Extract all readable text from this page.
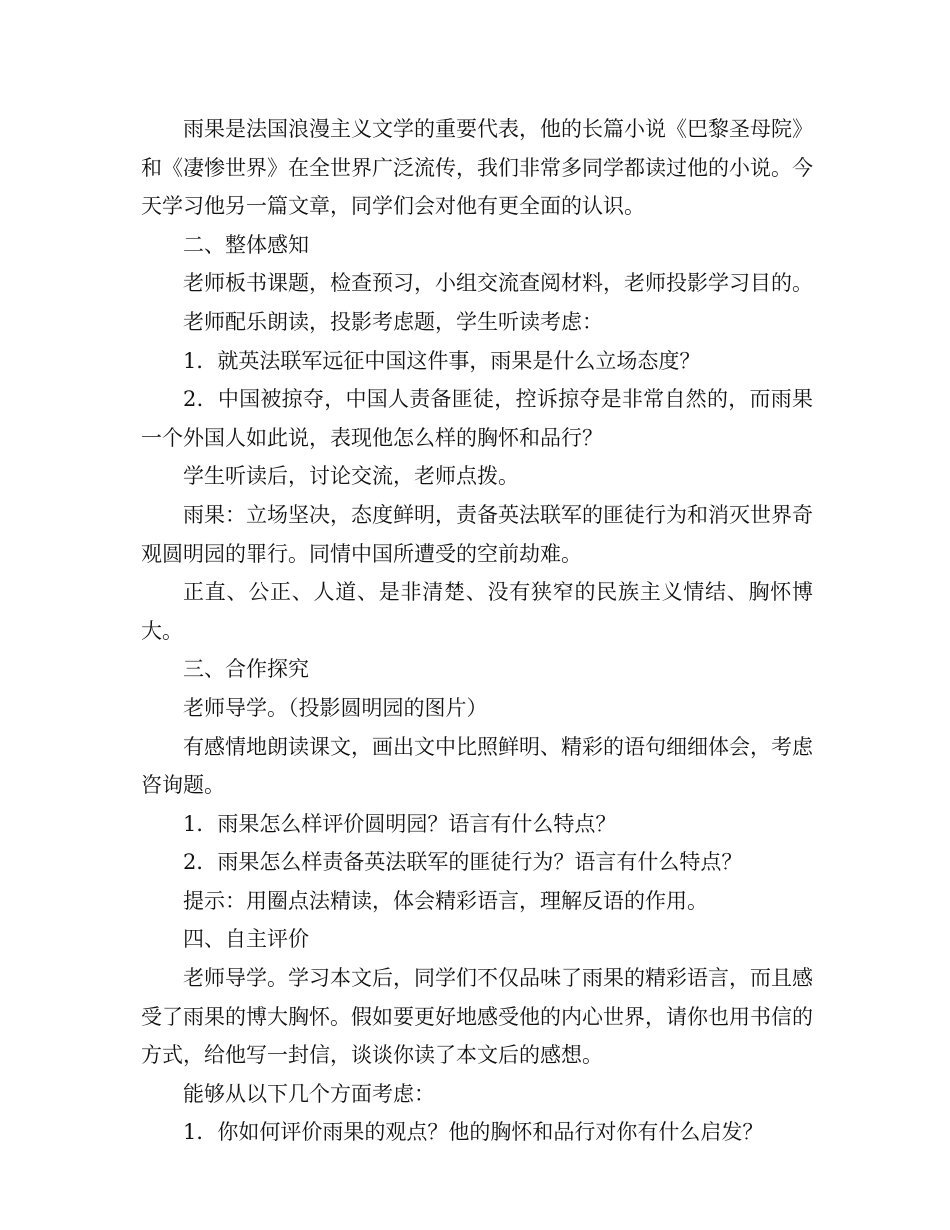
雨果是法国浪漫主义文学的重要代表，他的长篇小说《巴黎圣母院》和《凄惨世界》在全世界广泛流传，我们非常多同学都读过他的小说。今天学习他另一篇文章，同学们会对他有更全面的认识。

二、整体感知

老师板书课题，检查预习，小组交流查阅材料，老师投影学习目的。

老师配乐朗读，投影考虑题，学生听读考虑：

1．就英法联军远征中国这件事，雨果是什么立场态度？

2．中国被掠夺，中国人责备匪徒，控诉掠夺是非常自然的，而雨果一个外国人如此说，表现他怎么样的胸怀和品行？

学生听读后，讨论交流，老师点拨。

雨果：立场坚决，态度鲜明，责备英法联军的匪徒行为和消灭世界奇观圆明园的罪行。同情中国所遭受的空前劫难。

正直、公正、人道、是非清楚、没有狭窄的民族主义情结、胸怀博大。

三、合作探究

老师导学。（投影圆明园的图片）

有感情地朗读课文，画出文中比照鲜明、精彩的语句细细体会，考虑咨询题。

1．雨果怎么样评价圆明园？语言有什么特点？

2．雨果怎么样责备英法联军的匪徒行为？语言有什么特点？

提示：用圈点法精读，体会精彩语言，理解反语的作用。

四、自主评价

老师导学。学习本文后，同学们不仅品味了雨果的精彩语言，而且感受了雨果的博大胸怀。假如要更好地感受他的内心世界，请你也用书信的方式，给他写一封信，谈谈你读了本文后的感想。

能够从以下几个方面考虑：

1．你如何评价雨果的观点？他的胸怀和品行对你有什么启发？
